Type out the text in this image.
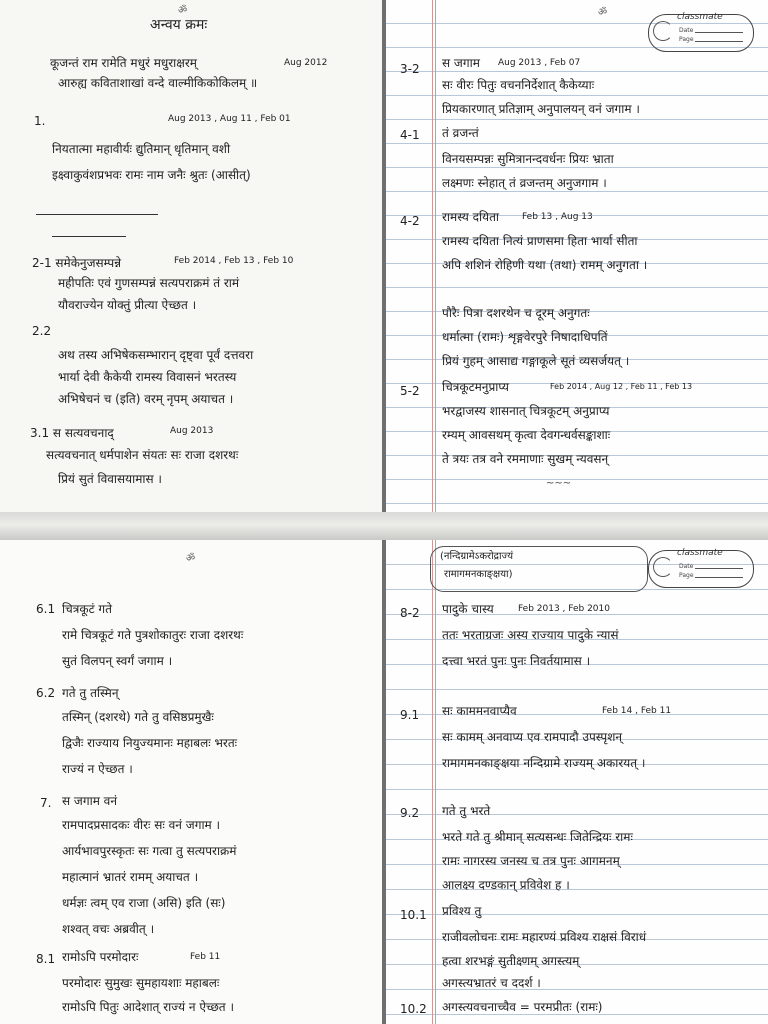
ॐ
अन्वय क्रमः
कूजन्तं राम रामेति मधुरं मधुराक्षरम्	Aug 2012
आरुह्य कविताशाखां वन्दे वाल्मीकिकोकिलम् ॥
1.	Aug 2013 , Aug 11 , Feb 01
नियतात्मा महावीर्यः द्युतिमान् धृतिमान् वशी
इक्ष्वाकुवंशप्रभवः रामः नाम जनैः श्रुतः (आसीत्)
2-1 समेकेनुजसम्पन्ने	Feb 2014 , Feb 13 , Feb 10
महीपतिः एवं गुणसम्पन्नं सत्यपराक्रमं तं रामं
यौवराज्येन योक्तुं प्रीत्या ऐच्छत ।
2.2
अथ तस्य अभिषेकसम्भारान् दृष्ट्वा पूर्वं दत्तवरा
भार्या देवी कैकेयी रामस्य विवासनं भरतस्य
अभिषेचनं च (इति) वरम् नृपम् अयाचत ।
3.1 स सत्यवचनाद्	Aug 2013
सत्यवचनात् धर्मपाशेन संयतः सः राजा दशरथः
प्रियं सुतं विवासयामास ।
ॐ	classmate
Date
Page
3-2 स जगाम Aug 2013 , Feb 07
सः वीरः पितुः वचननिर्देशात् कैकेय्याः
प्रियकारणात् प्रतिज्ञाम् अनुपालयन् वनं जगाम ।
4-1 तं व्रजन्तं
विनयसम्पन्नः सुमित्रानन्दवर्धनः प्रियः भ्राता
लक्ष्मणः स्नेहात् तं व्रजन्तम् अनुजगाम ।
4-2 रामस्य दयिता	Feb 13 , Aug 13
रामस्य दयिता नित्यं प्राणसमा हिता भार्या सीता
अपि शशिनं रोहिणी यथा (तथा) रामम् अनुगता ।
पौरैः पित्रा दशरथेन च दूरम् अनुगतः
धर्मात्मा (रामः) शृङ्गवेरपुरे निषादाधिपतिं
प्रियं गुहम् आसाद्य गङ्गाकूले सूतं व्यसर्जयत् ।
5-2 चित्रकूटमनुप्राप्य	Feb 2014 , Aug 12 , Feb 11 , Feb 13
भरद्वाजस्य शासनात् चित्रकूटम् अनुप्राप्य
रम्यम् आवसथम् कृत्वा देवगन्धर्वसङ्काशाः
ते त्रयः तत्र वने रममाणाः सुखम् न्यवसन्
~~~
ॐ
6.1 चित्रकूटं गते
रामे चित्रकूटं गते पुत्रशोकातुरः राजा दशरथः
सुतं विलपन् स्वर्गं जगाम ।
6.2 गते तु तस्मिन्
तस्मिन् (दशरथे) गते तु वसिष्ठप्रमुखैः
द्विजैः राज्याय नियुज्यमानः महाबलः भरतः
राज्यं न ऐच्छत ।
7. स जगाम वनं
रामपादप्रसादकः वीरः सः वनं जगाम ।
आर्यभावपुरस्कृतः सः गत्वा तु सत्यपराक्रमं
महात्मानं भ्रातरं रामम् अयाचत ।
धर्मज्ञः त्वम् एव राजा (असि) इति (सः)
शश्वत् वचः अब्रवीत् ।
8.1 रामोऽपि परमोदारः	Feb 11
परमोदारः सुमुखः सुमहायशाः महाबलः
रामोऽपि पितुः आदेशात् राज्यं न ऐच्छत ।
(नन्दिग्रामेऽकरोद्राज्यं
रामागमनकाङ्क्षया)
classmate
Date
Page
8-2 पादुके चास्य	Feb 2013 , Feb 2010
ततः भरताग्रजः अस्य राज्याय पादुके न्यासं
दत्त्वा भरतं पुनः पुनः निवर्तयामास ।
9.1 सः काममनवाप्यैव	Feb 14 , Feb 11
सः कामम् अनवाप्य एव रामपादौ उपस्पृशन्
रामागमनकाङ्क्षया नन्दिग्रामे राज्यम् अकारयत् ।
9.2 गते तु भरते
भरते गते तु श्रीमान् सत्यसन्धः जितेन्द्रियः रामः
रामः नागरस्य जनस्य च तत्र पुनः आगमनम्
आलक्ष्य दण्डकान् प्रविवेश ह ।
10.1 प्रविश्य तु
राजीवलोचनः रामः महारण्यं प्रविश्य राक्षसं विराधं
हत्वा शरभङ्गं सुतीक्ष्णम् अगस्त्यम्
अगस्त्यभ्रातरं च ददर्श ।
10.2 अगस्त्यवचनाच्चैव = परमप्रीतः (रामः)
